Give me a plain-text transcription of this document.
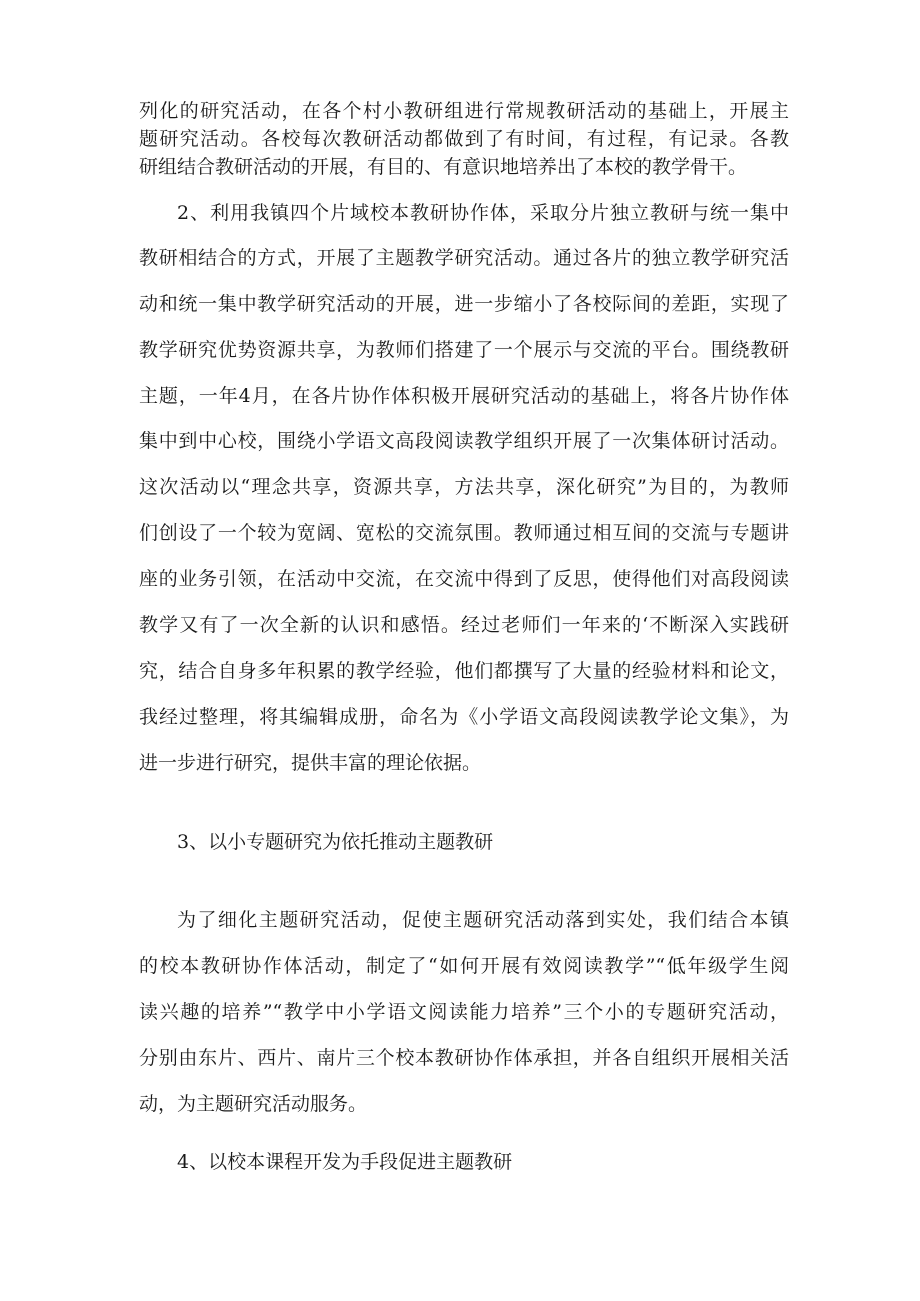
列化的研究活动，在各个村小教研组进行常规教研活动的基础上，开展主
题研究活动。各校每次教研活动都做到了有时间，有过程，有记录。各教
研组结合教研活动的开展，有目的、有意识地培养出了本校的教学骨干。
2、利用我镇四个片域校本教研协作体，采取分片独立教研与统一集中
教研相结合的方式，开展了主题教学研究活动。通过各片的独立教学研究活
动和统一集中教学研究活动的开展，进一步缩小了各校际间的差距，实现了
教学研究优势资源共享，为教师们搭建了一个展示与交流的平台。围绕教研
主题，一年4月，在各片协作体积极开展研究活动的基础上，将各片协作体
集中到中心校，围绕小学语文高段阅读教学组织开展了一次集体研讨活动。
这次活动以“理念共享，资源共享，方法共享，深化研究”为目的，为教师
们创设了一个较为宽阔、宽松的交流氛围。教师通过相互间的交流与专题讲
座的业务引领，在活动中交流，在交流中得到了反思，使得他们对高段阅读
教学又有了一次全新的认识和感悟。经过老师们一年来的‘不断深入实践研
究，结合自身多年积累的教学经验，他们都撰写了大量的经验材料和论文，
我经过整理，将其编辑成册，命名为《小学语文高段阅读教学论文集》，为
进一步进行研究，提供丰富的理论依据。
3、以小专题研究为依托推动主题教研
为了细化主题研究活动，促使主题研究活动落到实处，我们结合本镇
的校本教研协作体活动，制定了“如何开展有效阅读教学”“低年级学生阅
读兴趣的培养”“教学中小学语文阅读能力培养”三个小的专题研究活动，
分别由东片、西片、南片三个校本教研协作体承担，并各自组织开展相关活
动，为主题研究活动服务。
4、以校本课程开发为手段促进主题教研
